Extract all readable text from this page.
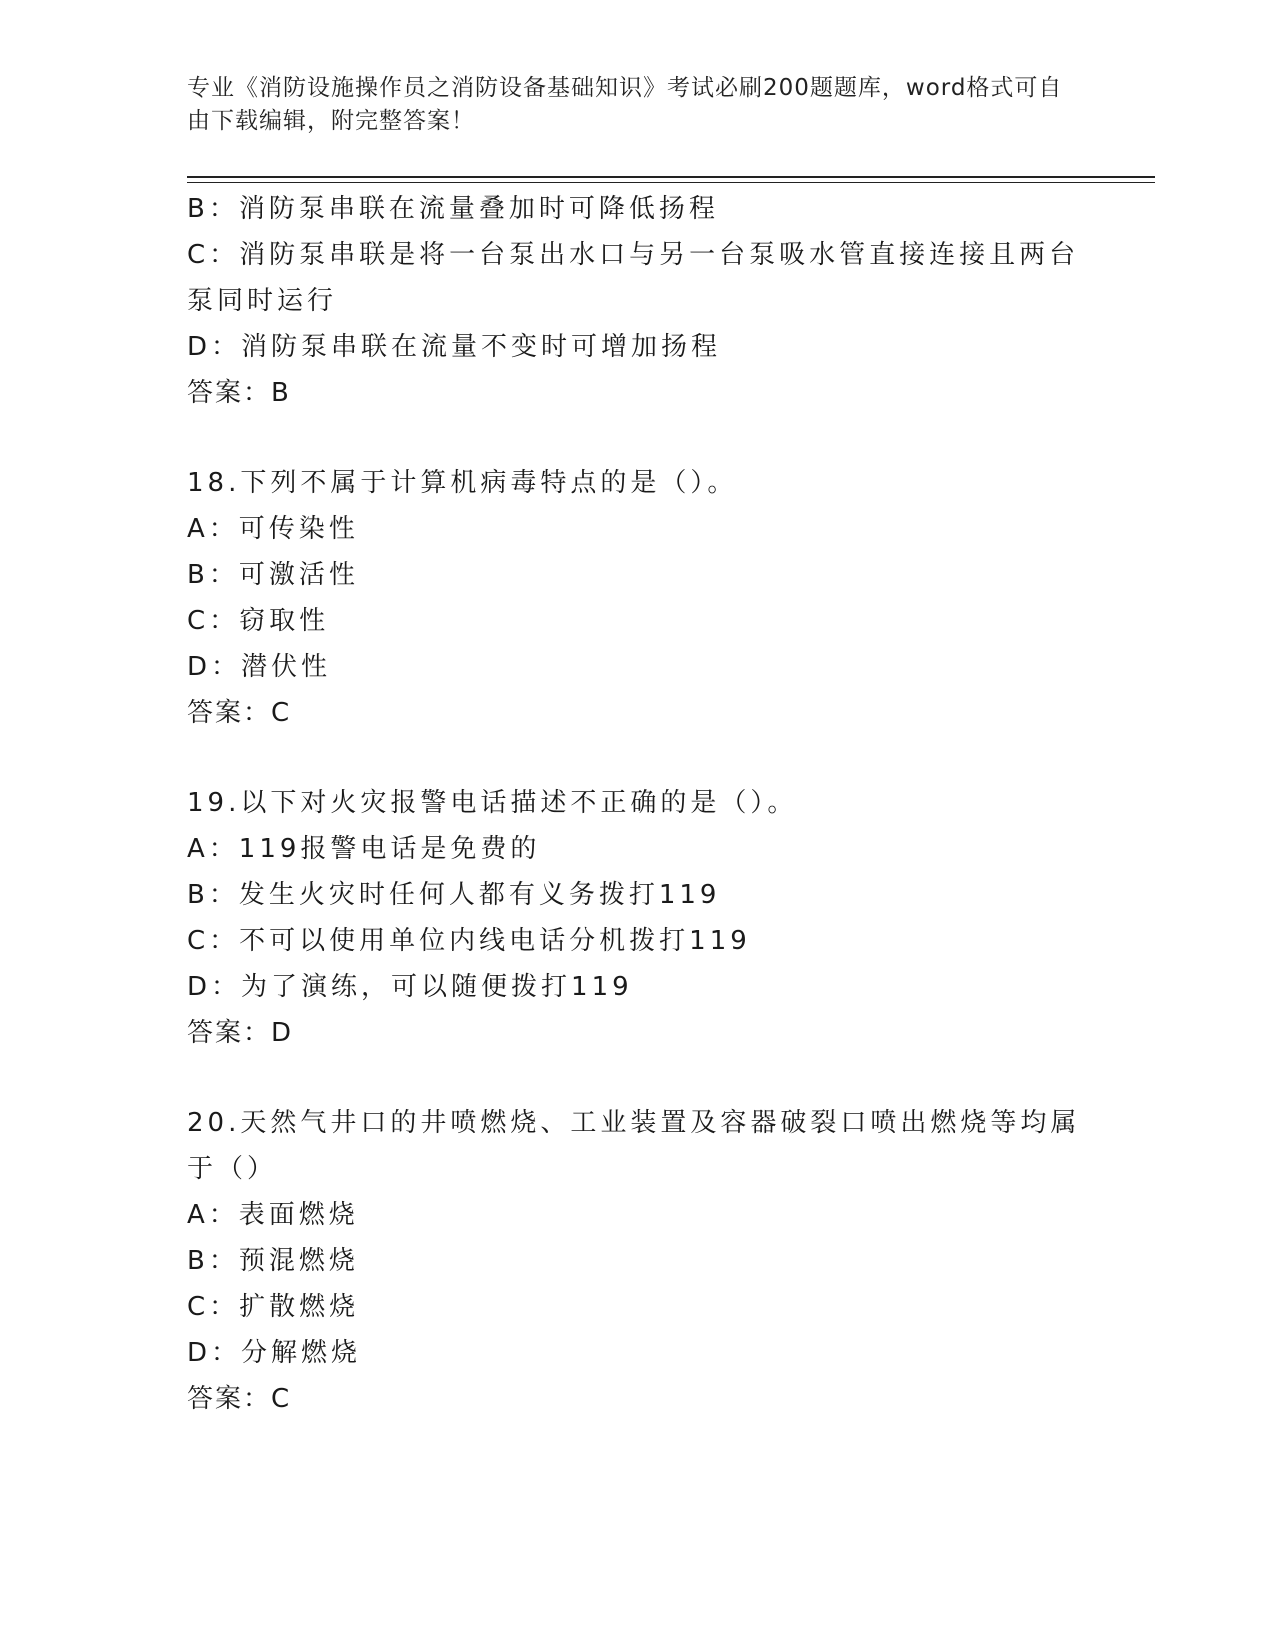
专业《消防设施操作员之消防设备基础知识》考试必刷200题题库，word格式可自由下载编辑，附完整答案！
B：消防泵串联在流量叠加时可降低扬程
C：消防泵串联是将一台泵出水口与另一台泵吸水管直接连接且两台泵同时运行
D：消防泵串联在流量不变时可增加扬程
答案：B
18.下列不属于计算机病毒特点的是（）。
A：可传染性
B：可激活性
C：窃取性
D：潜伏性
答案：C
19.以下对火灾报警电话描述不正确的是（）。
A：119报警电话是免费的
B：发生火灾时任何人都有义务拨打119
C：不可以使用单位内线电话分机拨打119
D：为了演练，可以随便拨打119
答案：D
20.天然气井口的井喷燃烧、工业装置及容器破裂口喷出燃烧等均属于（）
A：表面燃烧
B：预混燃烧
C：扩散燃烧
D：分解燃烧
答案：C
